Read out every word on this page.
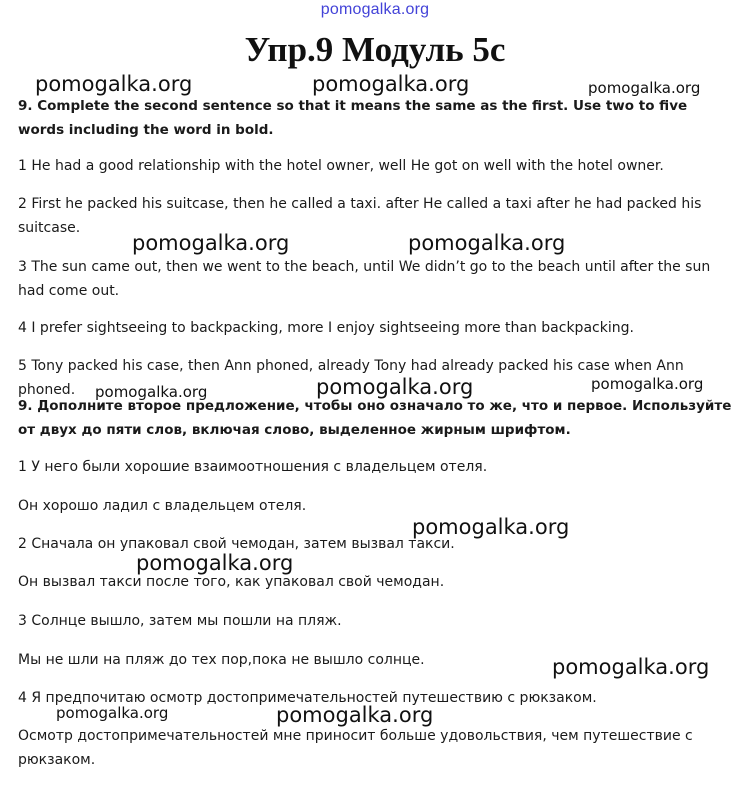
pomogalka.org
Упр.9 Модуль 5c
pomogalka.org	pomogalka.org	pomogalka.org
pomogalka.org	pomogalka.org
pomogalka.org	pomogalka.org	pomogalka.org
pomogalka.org
pomogalka.org
pomogalka.org
pomogalka.org	pomogalka.org
9. Complete the second sentence so that it means the same as the first. Use two to five words including the word in bold.
1 He had a good relationship with the hotel owner, well He got on well with the hotel owner.
2 First he packed his suitcase, then he called a taxi. after He called a taxi after he had packed his suitcase.
3 The sun came out, then we went to the beach, until We didn’t go to the beach until after the sun had come out.
4 I prefer sightseeing to backpacking, more I enjoy sightseeing more than backpacking.
5 Tony packed his case, then Ann phoned, already Tony had already packed his case when Ann phoned.
9. Дополните второе предложение, чтобы оно означало то же, что и первое. Используйте от двух до пяти слов, включая слово, выделенное жирным шрифтом.
1 У него были хорошие взаимоотношения с владельцем отеля.
Он хорошо ладил с владельцем отеля.
2 Сначала он упаковал свой чемодан, затем вызвал такси.
Он вызвал такси после того, как упаковал свой чемодан.
3 Солнце вышло, затем мы пошли на пляж.
Мы не шли на пляж до тех пор,пока не вышло солнце.
4 Я предпочитаю осмотр достопримечательностей путешествию с рюкзаком.
Осмотр достопримечательностей мне приносит больше удовольствия, чем путешествие с рюкзаком.
